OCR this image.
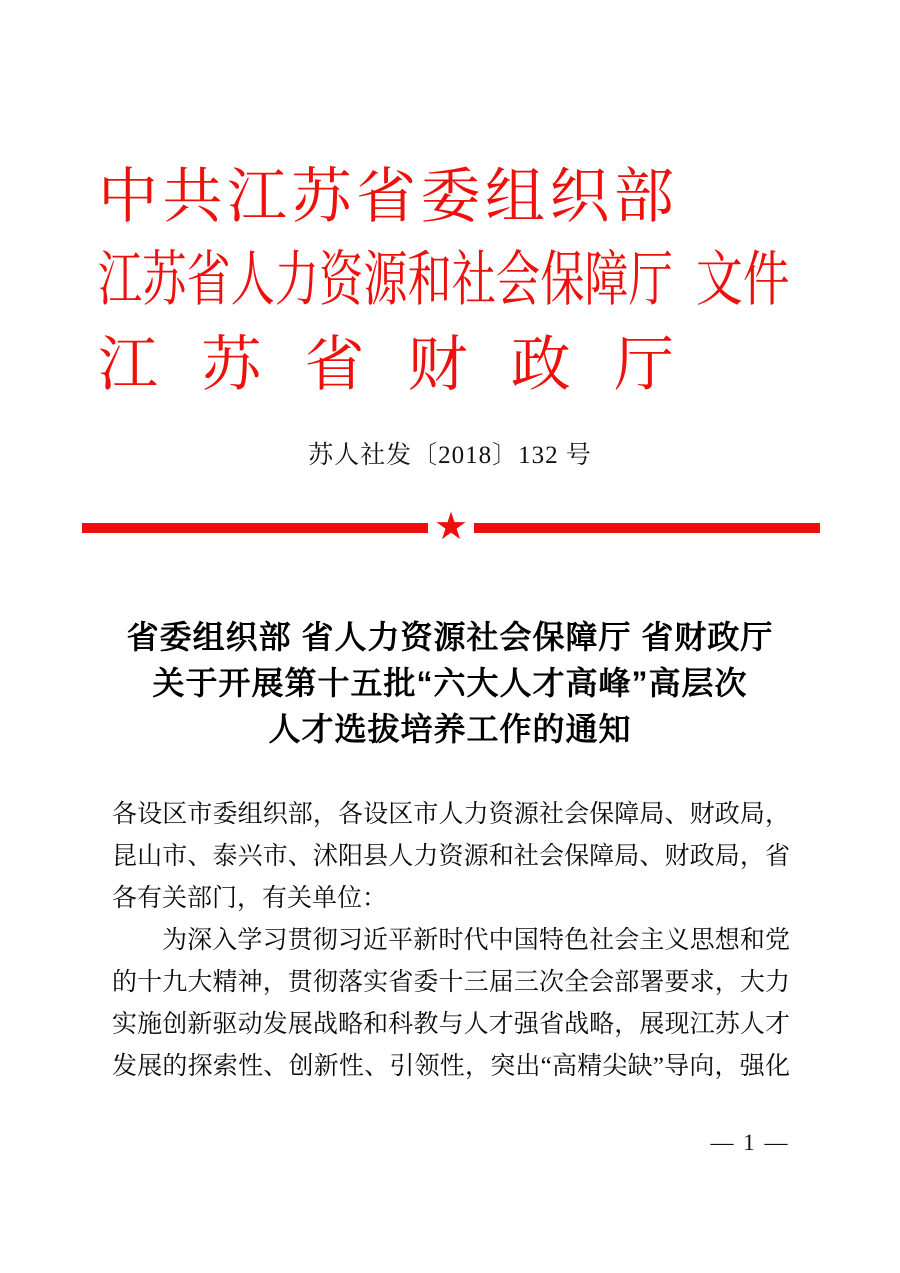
中共江苏省委组织部
江苏省人力资源和社会保障厅
江苏省财政厅
文件
苏人社发〔2018〕132 号
★
省委组织部 省人力资源社会保障厅 省财政厅
关于开展第十五批“六大人才高峰”高层次
人才选拔培养工作的通知
各设区市委组织部，各设区市人力资源社会保障局、财政局，
昆山市、泰兴市、沭阳县人力资源和社会保障局、财政局，省
各有关部门，有关单位：
为深入学习贯彻习近平新时代中国特色社会主义思想和党
的十九大精神，贯彻落实省委十三届三次全会部署要求，大力
实施创新驱动发展战略和科教与人才强省战略，展现江苏人才
发展的探索性、创新性、引领性，突出“高精尖缺”导向，强化
— 1 —
